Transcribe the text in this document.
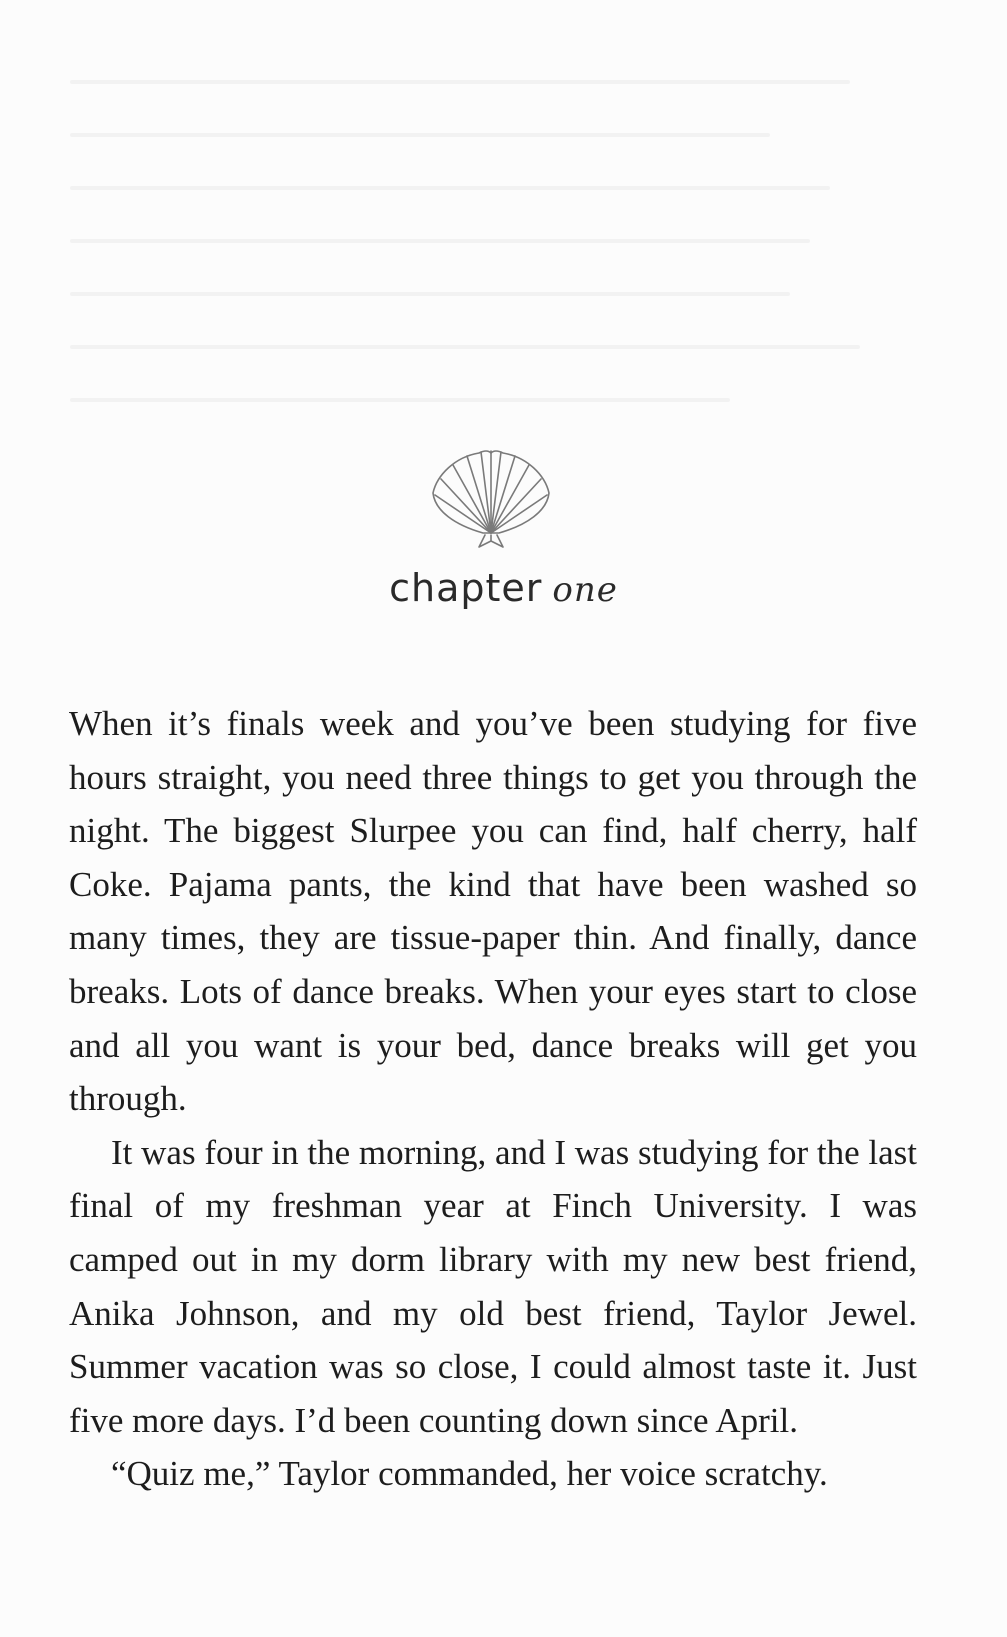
chapter one

When it’s finals week and you’ve been studying for five hours straight, you need three things to get you through the night. The biggest Slurpee you can find, half cherry, half Coke. Pajama pants, the kind that have been washed so many times, they are tissue-paper thin. And finally, dance breaks. Lots of dance breaks. When your eyes start to close and all you want is your bed, dance breaks will get you through.

It was four in the morning, and I was studying for the last final of my freshman year at Finch University. I was camped out in my dorm library with my new best friend, Anika Johnson, and my old best friend, Taylor Jewel. Summer vacation was so close, I could almost taste it. Just five more days. I’d been counting down since April.

“Quiz me,” Taylor commanded, her voice scratchy.
